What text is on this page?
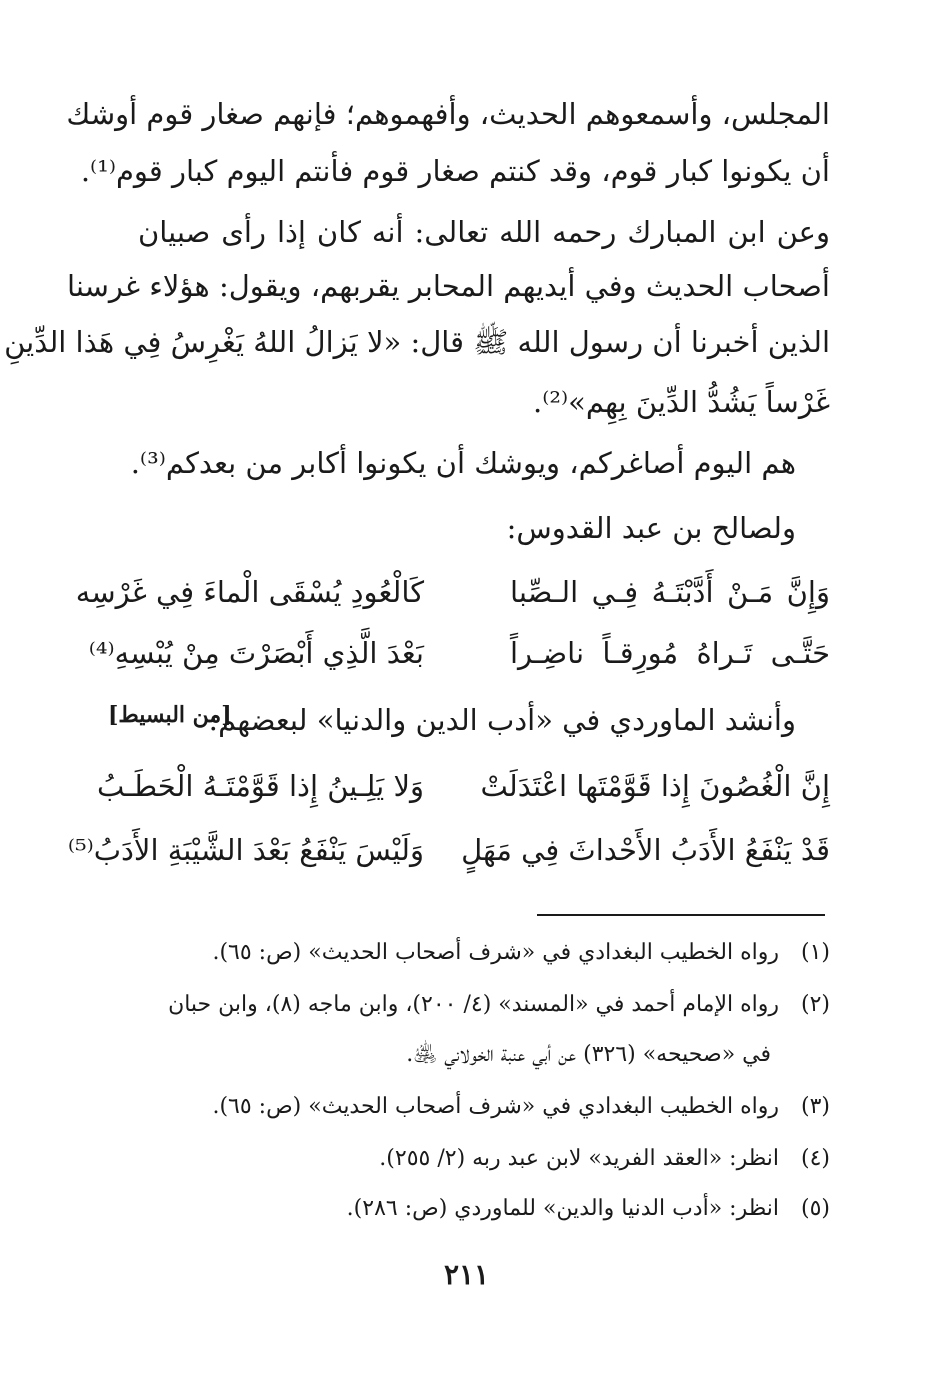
المجلس، وأسمعوهم الحديث، وأفهموهم؛ فإنهم صغار قوم أوشك
أن يكونوا كبار قوم، وقد كنتم صغار قوم فأنتم اليوم كبار قوم⁽¹⁾.
وعن ابن المبارك رحمه الله تعالى: أنه كان إذا رأى صبيان
أصحاب الحديث وفي أيديهم المحابر يقربهم، ويقول: هؤلاء غرسنا
الذين أخبرنا أن رسول الله ﷺ قال: «لا يَزالُ اللهُ يَغْرِسُ فِي هَذا الدِّينِ
غَرْساً يَشُدُّ الدِّينَ بِهِم»⁽²⁾.
هم اليوم أصاغركم، ويوشك أن يكونوا أكابر من بعدكم⁽³⁾.
ولصالح بن عبد القدوس:
وَإِنَّ مَـنْ أَدَّبْتَـهُ فِـي الـصِّبا
كَالْعُودِ يُسْقَى الْماءَ فِي غَرْسِه
حَتَّـى تَـراهُ مُورِقـاً ناضِـراً
بَعْدَ الَّذِي أَبْصَرْتَ مِنْ يُبْسِهِ⁽⁴⁾
وأنشد الماوردي في «أدب الدين والدنيا» لبعضهم:
[من البسيط]
إِنَّ الْغُصُونَ إِذا قَوَّمْتَها اعْتَدَلَتْ
وَلا يَلِـينُ إِذا قَوَّمْتَـهُ الْحَطَـبُ
قَدْ يَنْفَعُ الأَدَبُ الأَحْداثَ فِي مَهَلٍ
وَلَيْسَ يَنْفَعُ بَعْدَ الشَّيْبَةِ الأَدَبُ⁽⁵⁾
(١) رواه الخطيب البغدادي في «شرف أصحاب الحديث» (ص: ٦٥).
(٢) رواه الإمام أحمد في «المسند» (٤/ ٢٠٠)، وابن ماجه (٨)، وابن حبان
في «صحيحه» (٣٢٦) عن أبي عنبة الخولاني ﵁.
(٣) رواه الخطيب البغدادي في «شرف أصحاب الحديث» (ص: ٦٥).
(٤) انظر: «العقد الفريد» لابن عبد ربه (٢/ ٢٥٥).
(٥) انظر: «أدب الدنيا والدين» للماوردي (ص: ٢٨٦).
٢١١
